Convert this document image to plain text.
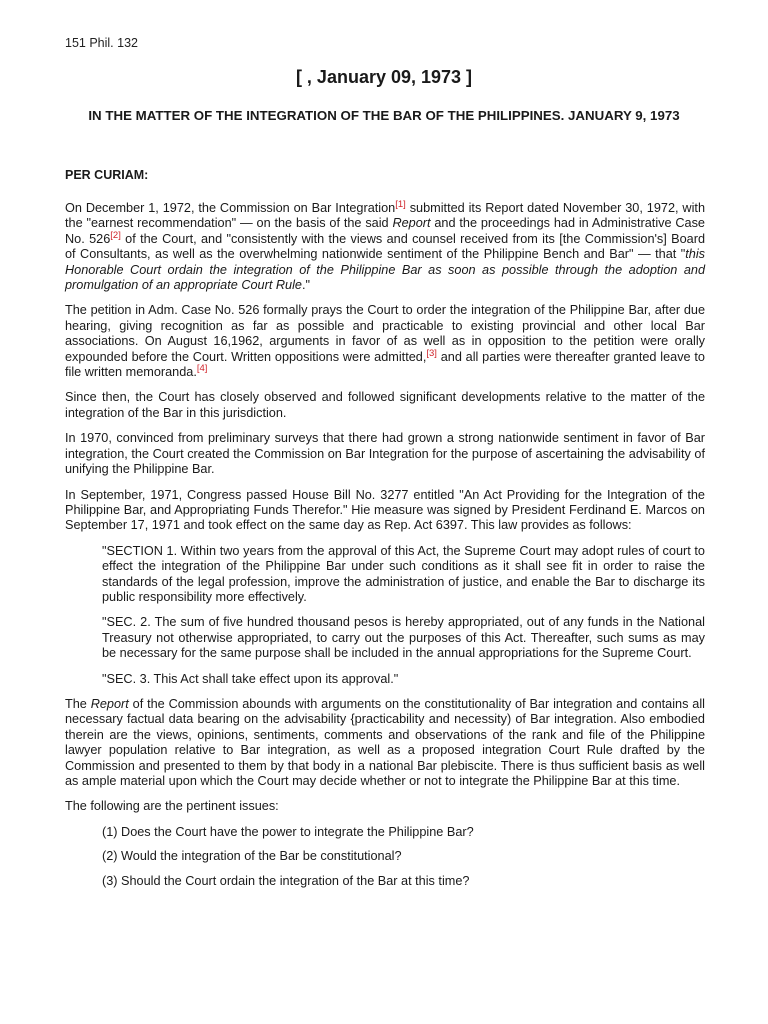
151 Phil. 132
[ , January 09, 1973 ]
IN THE MATTER OF THE INTEGRATION OF THE BAR OF THE PHILIPPINES. JANUARY 9, 1973
PER CURIAM:

On December 1, 1972, the Commission on Bar Integration[1] submitted its Report dated November 30, 1972, with the "earnest recommendation" — on the basis of the said Report and the proceedings had in Administrative Case No. 526[2] of the Court, and "consistently with the views and counsel received from its [the Commission's] Board of Consultants, as well as the overwhelming nationwide sentiment of the Philippine Bench and Bar" — that "this Honorable Court ordain the integration of the Philippine Bar as soon as possible through the adoption and promulgation of an appropriate Court Rule."

The petition in Adm. Case No. 526 formally prays the Court to order the integration of the Philippine Bar, after due hearing, giving recognition as far as possible and practicable to existing provincial and other local Bar associations. On August 16,1962, arguments in favor of as well as in opposition to the petition were orally expounded before the Court. Written oppositions were admitted,[3] and all parties were thereafter granted leave to file written memoranda.[4]

Since then, the Court has closely observed and followed significant developments relative to the matter of the integration of the Bar in this jurisdiction.

In 1970, convinced from preliminary surveys that there had grown a strong nationwide sentiment in favor of Bar integration, the Court created the Commission on Bar Integration for the purpose of ascertaining the advisability of unifying the Philippine Bar.

In September, 1971, Congress passed House Bill No. 3277 entitled "An Act Providing for the Integration of the Philippine Bar, and Appropriating Funds Therefor." Hie measure was signed by President Ferdinand E. Marcos on September 17, 1971 and took effect on the same day as Rep. Act 6397. This law provides as follows:

"SECTION 1. Within two years from the approval of this Act, the Supreme Court may adopt rules of court to effect the integration of the Philippine Bar under such conditions as it shall see fit in order to raise the standards of the legal profession, improve the administration of justice, and enable the Bar to discharge its public responsibility more effectively.

"SEC. 2. The sum of five hundred thousand pesos is hereby appropriated, out of any funds in the National Treasury not otherwise appropriated, to carry out the purposes of this Act. Thereafter, such sums as may be necessary for the same purpose shall be included in the annual appropriations for the Supreme Court.

"SEC. 3. This Act shall take effect upon its approval."

The Report of the Commission abounds with arguments on the constitutionality of Bar integration and contains all necessary factual data bearing on the advisability {practicability and necessity) of Bar integration. Also embodied therein are the views, opinions, sentiments, comments and observations of the rank and file of the Philippine lawyer population relative to Bar integration, as well as a proposed integration Court Rule drafted by the Commission and presented to them by that body in a national Bar plebiscite. There is thus sufficient basis as well as ample material upon which the Court may decide whether or not to integrate the Philippine Bar at this time.

The following are the pertinent issues:

(1) Does the Court have the power to integrate the Philippine Bar?

(2) Would the integration of the Bar be constitutional?

(3) Should the Court ordain the integration of the Bar at this time?
